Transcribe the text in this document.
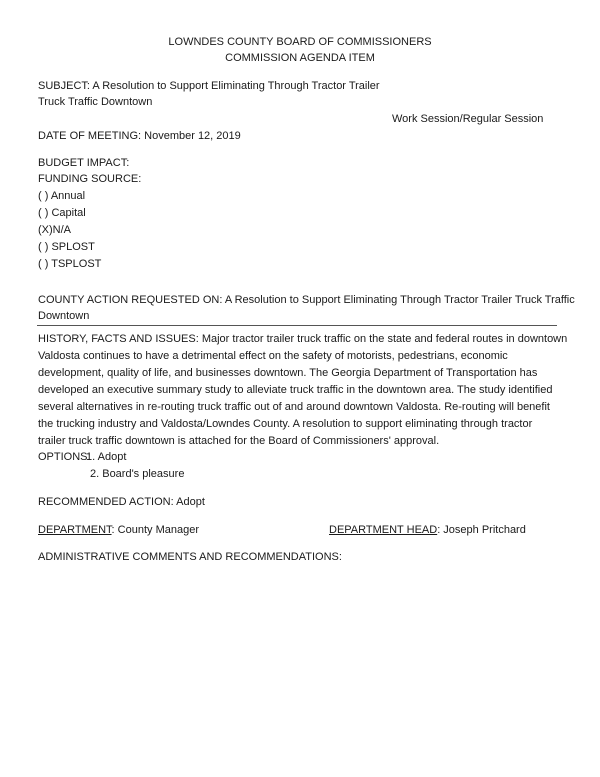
LOWNDES COUNTY BOARD OF COMMISSIONERS
COMMISSION AGENDA ITEM
SUBJECT: A Resolution to Support Eliminating Through Tractor Trailer
Truck Traffic Downtown
Work Session/Regular Session
DATE OF MEETING: November 12, 2019
BUDGET IMPACT:
FUNDING SOURCE:
( ) Annual
( ) Capital
(X)N/A
( ) SPLOST
( ) TSPLOST
COUNTY ACTION REQUESTED ON: A Resolution to Support Eliminating Through Tractor Trailer Truck Traffic
Downtown
HISTORY, FACTS AND ISSUES: Major tractor trailer truck traffic on the state and federal routes in downtown
Valdosta continues to have a detrimental effect on the safety of motorists, pedestrians, economic
development, quality of life, and businesses downtown. The Georgia Department of Transportation has
developed an executive summary study to alleviate truck traffic in the downtown area. The study identified
several alternatives in re-routing truck traffic out of and around downtown Valdosta. Re-routing will benefit
the trucking industry and Valdosta/Lowndes County. A resolution to support eliminating through tractor
trailer truck traffic downtown is attached for the Board of Commissioners' approval.
OPTIONS:
1. Adopt
2. Board's pleasure
RECOMMENDED ACTION: Adopt
DEPARTMENT: County Manager	DEPARTMENT HEAD: Joseph Pritchard
ADMINISTRATIVE COMMENTS AND RECOMMENDATIONS:
